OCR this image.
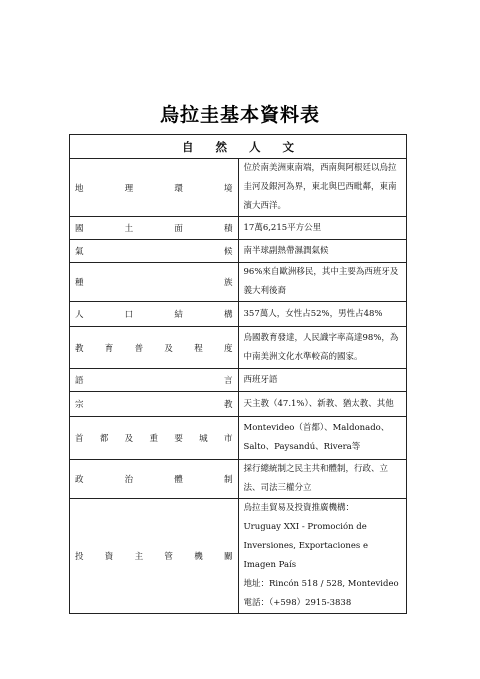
烏拉圭基本資料表
自 然 人 文	
地理環境	位於南美洲東南端，西南與阿根廷以烏拉圭河及銀河為界，東北與巴西毗鄰，東南濱大西洋。
國土面積	17萬6,215平方公里
氣候	南半球副熱帶濕潤氣候
種族	96%來自歐洲移民，其中主要為西班牙及義大利後裔
人口結構	357萬人，女性占52%，男性占48%
教育普及程度	烏國教育發達，人民識字率高達98%，為中南美洲文化水準較高的國家。
語言	西班牙語
宗教	天主教（47.1%）、新教、猶太教、其他
首都及重要城市	Montevideo（首都）、Maldonado、Salto、Paysandú、Rivera等
政治體制	採行總統制之民主共和體制，行政、立法、司法三權分立
投資主管機關	烏拉圭貿易及投資推廣機構：
Uruguay XXI - Promoción de Inversiones, Exportaciones e Imagen País
地址：Rincón 518 / 528, Montevideo
電話：（+598）2915-3838
